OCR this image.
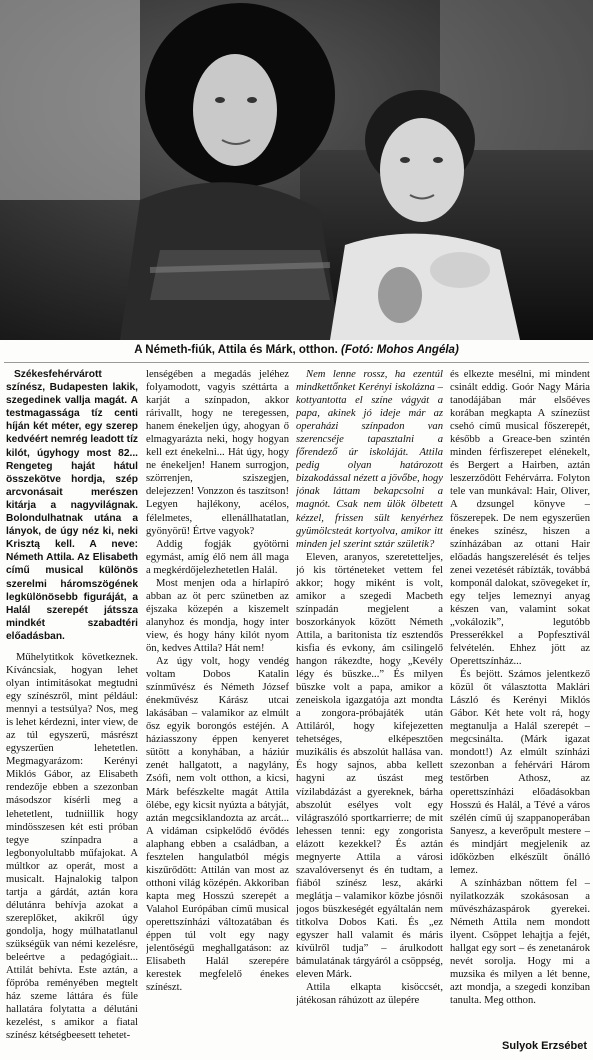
A Németh-fiúk, Attila és Márk, otthon. (Fotó: Mohos Angéla)

Székesfehérvárott színész, Budapesten lakik, szegedinek vallja magát. A testmagassága tíz centi híján két méter, egy szerep kedvéért nemrég leadott tíz kilót, úgyhogy most 82... Rengeteg haját hátul összekötve hordja, szép arcvonásait merészen kitárja a nagyvilágnak. Bolondulhatnak utána a lányok, de úgy néz ki, neki Krisztą kell. A neve: Németh Attila. Az Elisabeth című musical különös szerelmi háromszögének legkülönösebb figuráját, a Halál szerepét játssza mindkét szabadtéri előadásban.

Műhelytitkok következnek. Kíváncsiak, hogyan lehet olyan intimitásokat megtudni egy színészről, mint például: mennyi a testsúlya? Nos, meg is lehet kérdezni, inter view, de az túl egyszerű, másrészt egyszerűen lehetetlen. Megmagyarázom: Kerényi Miklós Gábor, az Elisabeth rendezője ebben a szezonban másodszor kísérli meg a lehetetlent, tudniillik hogy mindösszesen két esti próban tegye színpadra a legbonyolultabb műfajokat. A múltkor az operát, most a musicalt. Hajnalokig talpon tartja a gárdát, aztán kora délutánra behívja azokat a szereplőket, akikről úgy gondolja, hogy múlhatatlanul szükségük van némi kezelésre, beleértve a pedagógiait... Attilát behívta. Este aztán, a főpróba reményében megtelt ház szeme láttára és füle hallatára folytatta a délutáni kezelést, s amikor a fiatal színész kétségbeesett tehetet-

lenségében a megadás jeléhez folyamodott, vagyis széttárta a karját a színpadon, akkor rárivallt, hogy ne teregessen, hanem énekeljen úgy, ahogyan ő elmagyarázta neki, hogy hogyan kell ezt énekelni... Hát úgy, hogy ne énekeljen! Hanem surrogjon, szörrenjen, sziszegjen, delejezzen! Vonzzon és taszítson! Legyen hajlékony, acélos, félelmetes, ellenállhatatlan, gyönyörű! Értve vagyok?

Addig fogják gyötörni egymást, amíg élő nem áll maga a megkérdőjelezhetetlen Halál.

Most menjen oda a hírlapíró abban az öt perc szünetben az éjszaka közepén a kiszemelt alanyhoz és mondja, hogy inter view, és hogy hány kilót nyom ön, kedves Attila? Hát nem!

Az úgy volt, hogy vendég voltam Dobos Katalin színművész és Németh József énekművész Kárász utcai lakásában – valamikor az elmúlt ősz egyik borongós estéjén. A háziasszony éppen kenyeret sütött a konyhában, a háziúr zenét hallgatott, a nagylány, Zsófi, nem volt otthon, a kicsi, Márk befészkelte magát Attila ölébe, egy kicsit nyúzta a bátyját, aztán megcsiklandozta az arcát... A vidáman csipkelődő évődés alaphang ebben a családban, a fesztelen hangulatból mégis kiszűrődött: Attilán van most az otthoni világ középén. Akkoriban kapta meg Hosszú szerepét a Valahol Európában című musical operettszínházi változatában és éppen túl volt egy nagy jelentőségű meghallgatáson: az Elisabeth Halál szerepére kerestek megfelelő énekes színészt.

Nem lenne rossz, ha ezentúl mindkettőnket Kerényi iskolázna – kottyantotta el színe vágyát a papa, akinek jó ideje már az operaházi színpadon van szerencséje tapasztalni a főrendező úr iskoláját. Attila pedig olyan határozott bizakodással nézett a jövőbe, hogy jónak láttam bekapcsolni a magnót. Csak nem ülök ölbetett kézzel, frissen sült kenyérhez gyümölcsteát kortyolva, amikor itt minden jel szerint sztár születik?

Eleven, aranyos, szeretetteljes, jó kis történeteket vettem fel akkor; hogy miként is volt, amikor a szegedi Macbeth színpadán megjelent a boszorkányok között Németh Attila, a baritonista tíz esztendős kisfia és evkony, ám csilingelő hangon rákezdte, hogy „Kevély légy és büszke...” És milyen büszke volt a papa, amikor a zeneiskola igazgatója azt mondta a zongora-próbajáték után Attiláról, hogy kifejezetten tehetséges, elképesztően muzikális és abszolút hallása van. És hogy sajnos, abba kellett hagyni az úszást meg vízilabdázást a gyereknek, bárha abszolút esélyes volt egy világraszóló sportkarrierre; de mit lehessen tenni: egy zongorista elázott kezekkel? És aztán megnyerte Attila a városi szavalóversenyt és én tudtam, a fiából színész lesz, akárki meglátja – valamikor közbe jósnői jogos büszkeségét egyáltalán nem titkolva Dobos Kati. És „ez egyszer hall valamit és máris kívülről tudja” – árulkodott bámulatának tárgyáról a csöppség, eleven Márk.

Attila elkapta kisöccsét, játékosan ráhúzott az ülepére

és elkezte mesélni, mi mindent csinált eddig. Goór Nagy Mária tanodájában már elsőéves korában megkapta A színezüst csehó című musical főszerepét, később a Greace-ben szintén minden férfiszerepet elénekelt, és Bergert a Hairben, aztán leszerződött Fehérvárra. Folyton tele van munkával: Hair, Oliver, A dzsungel könyve – főszerepek. De nem egyszerűen énekes színész, hiszen a színházában az ottani Hair előadás hangszerelését és teljes zenei vezetését rábízták, továbbá komponál dalokat, szövegeket ír, egy teljes lemeznyi anyag készen van, valamint sokat „vokálozik”, legutóbb Presserékkel a Popfesztivál felvételén. Ehhez jött az Operettszínház...

És bejött. Számos jelentkező közül őt választotta Maklári László és Kerényi Miklós Gábor. Két hete volt rá, hogy megtanulja a Halál szerepét – megcsinálta. (Márk igazat mondott!) Az elmúlt színházi szezonban a fehérvári Három testőrben Athosz, az operettszínházi előadásokban Hosszú és Halál, a Tévé a város szélén című új szappanoperában Sanyesz, a keverőpult mestere – és mindjárt megjelenik az időközben elkészült önálló lemez.

A színházban nőttem fel – nyilatkozzák szokásosan a művészházaspárok gyerekei. Németh Attila nem mondott ilyent. Csöppet lehajtja a fejét, hallgat egy sort – és zenetanárok nevét sorolja. Hogy mi a muzsika és milyen a lét benne, azt mondja, a szegedi konziban tanulta. Meg otthon.

Sulyok Erzsébet
